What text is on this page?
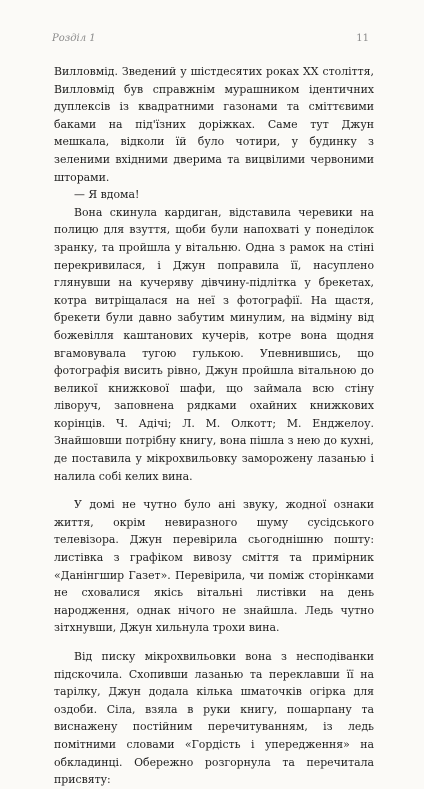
Розділ 1	11

Вилловмід. Зведений у шістдесятих роках ХХ століття, Вилловмід був справжнім мурашником ідентичних дуплексів із квадратними газонами та сміттєвими баками на під'їзних доріжках. Саме тут Джун мешкала, відколи їй було чотири, у будинку з зеленими вхідними дверима та вицвілими червоними шторами.

— Я вдома!

Вона скинула кардиган, відставила черевики на полицю для взуття, щоби були напохваті у понеділок зранку, та пройшла у вітальню. Одна з рамок на стіні перекривилася, і Джун поправила її, насуплено глянувши на кучеряву дівчину-підлітка у брекетах, котра витріщалася на неї з фотографії. На щастя, брекети були давно забутим минулим, на відміну від божевілля каштанових кучерів, котре вона щодня вгамовувала тугою гулькою. Упевнившись, що фотографія висить рівно, Джун пройшла вітальною до великої книжкової шафи, що займала всю стіну ліворуч, заповнена рядками охайних книжкових корінців. Ч. Адічі; Л. М. Олкотт; М. Енджелоу. Знайшовши потрібну книгу, вона пішла з нею до кухні, де поставила у мікрохвильовку заморожену лазанью і налила собі келих вина.

У домі не чутно було ані звуку, жодної ознаки життя, окрім невиразного шуму сусідського телевізора. Джун перевірила сьогоднішню пошту: листівка з графіком вивозу сміття та примірник «Данінгшир Газет». Перевірила, чи поміж сторінками не сховалися якісь вітальні листівки на день народження, однак нічого не знайшла. Ледь чутно зітхнувши, Джун хильнула трохи вина.

Від писку мікрохвильовки вона з несподіванки підскочила. Схопивши лазанью та переклавши її на тарілку, Джун додала кілька шматочків огірка для оздоби. Сіла, взяла в руки книгу, пошарпану та виснажену постійним перечитуванням, із ледь помітними словами «Гордість і упередження» на обкладинці. Обережно розгорнула та перечитала присвяту:
